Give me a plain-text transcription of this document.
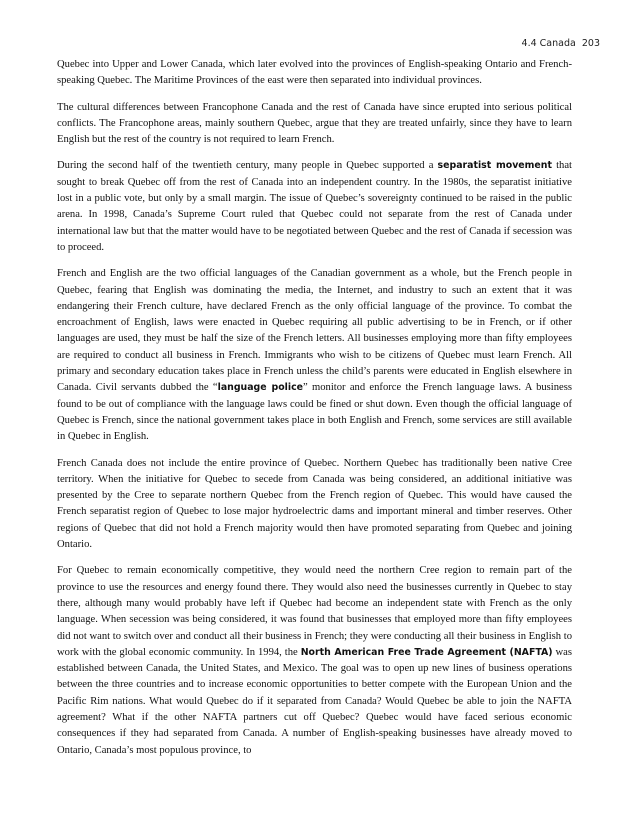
4.4 Canada 203

Quebec into Upper and Lower Canada, which later evolved into the provinces of English-speaking Ontario and French-speaking Quebec. The Maritime Provinces of the east were then separated into individual provinces.

The cultural differences between Francophone Canada and the rest of Canada have since erupted into serious political conflicts. The Francophone areas, mainly southern Quebec, argue that they are treated unfairly, since they have to learn English but the rest of the country is not required to learn French.

During the second half of the twentieth century, many people in Quebec supported a separatist movement that sought to break Quebec off from the rest of Canada into an independent country. In the 1980s, the separatist initiative lost in a public vote, but only by a small margin. The issue of Quebec’s sovereignty continued to be raised in the public arena. In 1998, Canada’s Supreme Court ruled that Quebec could not separate from the rest of Canada under international law but that the matter would have to be negotiated between Quebec and the rest of Canada if secession was to proceed.

French and English are the two official languages of the Canadian government as a whole, but the French people in Quebec, fearing that English was dominating the media, the Internet, and industry to such an extent that it was endangering their French culture, have declared French as the only official language of the province. To combat the encroachment of English, laws were enacted in Quebec requiring all public advertising to be in French, or if other languages are used, they must be half the size of the French letters. All businesses employing more than fifty employees are required to conduct all business in French. Immigrants who wish to be citizens of Quebec must learn French. All primary and secondary education takes place in French unless the child’s parents were educated in English elsewhere in Canada. Civil servants dubbed the “language police” monitor and enforce the French language laws. A business found to be out of compliance with the language laws could be fined or shut down. Even though the official language of Quebec is French, since the national government takes place in both English and French, some services are still available in Quebec in English.

French Canada does not include the entire province of Quebec. Northern Quebec has traditionally been native Cree territory. When the initiative for Quebec to secede from Canada was being considered, an additional initiative was presented by the Cree to separate northern Quebec from the French region of Quebec. This would have caused the French separatist region of Quebec to lose major hydroelectric dams and important mineral and timber reserves. Other regions of Quebec that did not hold a French majority would then have promoted separating from Quebec and joining Ontario.

For Quebec to remain economically competitive, they would need the northern Cree region to remain part of the province to use the resources and energy found there. They would also need the businesses currently in Quebec to stay there, although many would probably have left if Quebec had become an independent state with French as the only language. When secession was being considered, it was found that businesses that employed more than fifty employees did not want to switch over and conduct all their business in French; they were conducting all their business in English to work with the global economic community. In 1994, the North American Free Trade Agreement (NAFTA) was established between Canada, the United States, and Mexico. The goal was to open up new lines of business operations between the three countries and to increase economic opportunities to better compete with the European Union and the Pacific Rim nations. What would Quebec do if it separated from Canada? Would Quebec be able to join the NAFTA agreement? What if the other NAFTA partners cut off Quebec? Quebec would have faced serious economic consequences if they had separated from Canada. A number of English-speaking businesses have already moved to Ontario, Canada’s most populous province, to
